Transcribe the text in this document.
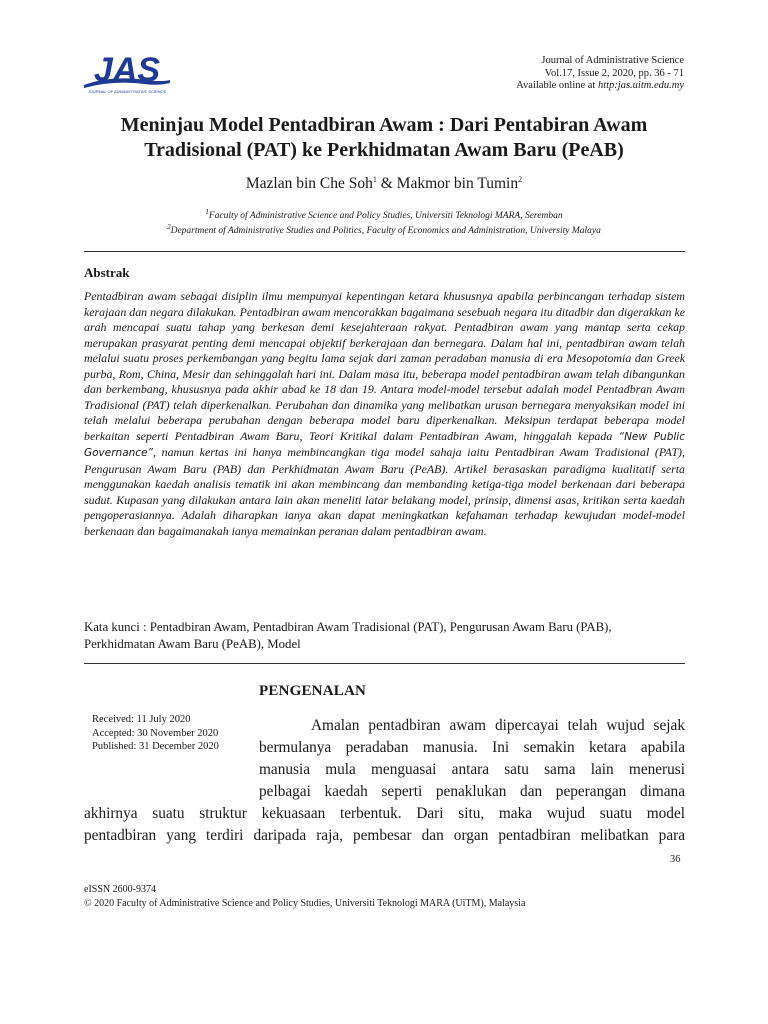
JAS
JOURNAL OF ADMINISTRATIVE SCIENCE
Journal of Administrative Science
Vol.17, Issue 2, 2020, pp. 36 - 71
Available online at http:jas.uitm.edu.my
Meninjau Model Pentadbiran Awam : Dari Pentabiran Awam
Tradisional (PAT) ke Perkhidmatan Awam Baru (PeAB)
Mazlan bin Che Soh$^1$ & Makmor bin Tumin$^2$
$^1$Faculty of Administrative Science and Policy Studies, Universiti Teknologi MARA, Seremban
$^2$Department of Administrative Studies and Politics, Faculty of Economics and Administration, University Malaya
Abstrak

Pentadbiran awam sebagai disiplin ilmu mempunyai kepentingan ketara khususnya apabila perbincangan terhadap sistem kerajaan dan negara dilakukan. Pentadbiran awam mencorakkan bagaimana sesebuah negara itu ditadbir dan digerakkan ke arah mencapai suatu tahap yang berkesan demi kesejahteraan rakyat. Pentadbiran awam yang mantap serta cekap merupakan prasyarat penting demi mencapai objektif berkerajaan dan bernegara. Dalam hal ini, pentadbiran awam telah melalui suatu proses perkembangan yang begitu lama sejak dari zaman peradaban manusia di era Mesopotomia dan Greek purba, Rom, China, Mesir dan sehinggalah hari ini. Dalam masa itu, beberapa model pentadbiran awam telah dibangunkan dan berkembang, khususnya pada akhir abad ke 18 dan 19. Antara model-model tersebut adalah model Pentadbran Awam Tradisional (PAT) telah diperkenalkan. Perubahan dan dinamika yang melibatkan urusan bernegara menyaksikan model ini telah melalui beberapa perubahan dengan beberapa model baru diperkenalkan. Meksipun terdapat beberapa model berkaitan seperti Pentadbiran Awam Baru, Teori Kritikal dalam Pentadbiran Awam, hinggalah kepada “New Public Governance”, namun kertas ini hanya membincangkan tiga model sahaja iaitu Pentadbiran Awam Tradisional (PAT), Pengurusan Awam Baru (PAB) dan Perkhidmatan Awam Baru (PeAB). Artikel berasaskan paradigma kualitatif serta menggunakan kaedah analisis tematik ini akan membincang dan membanding ketiga-tiga model berkenaan dari beberapa sudut. Kupasan yang dilakukan antara lain akan meneliti latar belakang model, prinsip, dimensi asas, kritikan serta kaedah pengoperasiannya. Adalah diharapkan ianya akan dapat meningkatkan kefahaman terhadap kewujudan model-model berkenaan dan bagaimanakah ianya memainkan peranan dalam pentadbiran awam.

Kata kunci : Pentadbiran Awam, Pentadbiran Awam Tradisional (PAT), Pengurusan Awam Baru (PAB),
Perkhidmatan Awam Baru (PeAB), Model
PENGENALAN
Received: 11 July 2020
Accepted: 30 November 2020
Published: 31 December 2020
Amalan pentadbiran awam dipercayai telah wujud sejak
bermulanya peradaban manusia. Ini semakin ketara apabila
manusia mula menguasai antara satu sama lain menerusi
pelbagai kaedah seperti penaklukan dan peperangan dimana
akhirnya suatu struktur kekuasaan terbentuk. Dari situ, maka wujud suatu model
pentadbiran yang terdiri daripada raja, pembesar dan organ pentadbiran melibatkan para
36
eISSN 2600-9374
© 2020 Faculty of Administrative Science and Policy Studies, Universiti Teknologi MARA (UiTM), Malaysia
